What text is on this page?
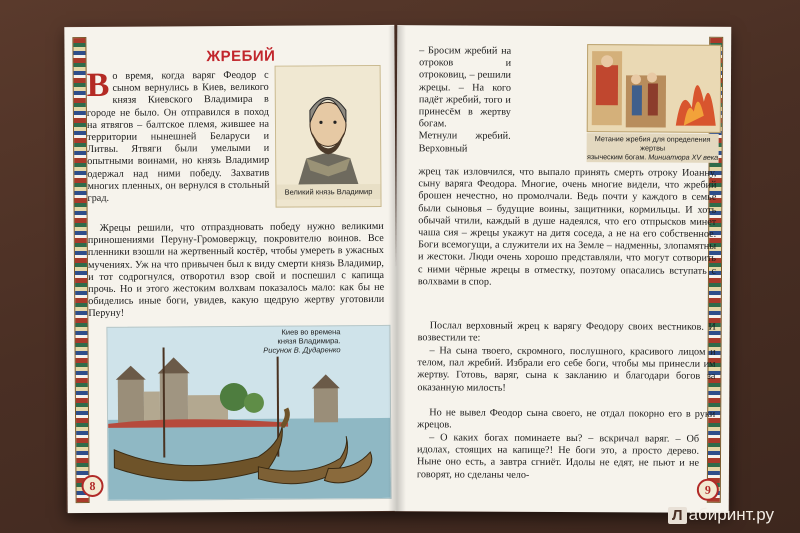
ЖРЕБИЙ
Великий князь Владимир

Во время, когда варяг Феодор с сыном вернулись в Киев, великого князя Киевского Владимира в городе не было. Он отправился в поход на ятвягов – балтское племя, жившее на территории нынешней Беларуси и Литвы. Ятвяги были умелыми и опытными воинами, но князь Владимир одержал над ними победу. Захватив многих пленных, он вернулся в стольный град.

Жрецы решили, что отпраздновать победу нужно великими приношениями Перуну-Громовержцу, покровителю воинов. Все пленники взошли на жертвенный костёр, чтобы умереть в ужасных мучениях. Уж на что привычен был к виду смерти князь Владимир, и тот содрогнулся, отворотил взор свой и поспешил с капища прочь. Но и этого жестоким волхвам показалось мало: как бы не обиделись иные боги, увидев, какую щедрую жертву уготовили Перуну!

Киев во времена
князя Владимира.
Рисунок В. Дударенко
8

– Бросим жребий на отроков и отроковиц, – решили жрецы. – На кого падёт жребий, того и принесём в жертву богам.
Метнули жребий. Верховный

Метание жребия для определения жертвы
языческим богам. Миниатюра XV века

жрец так изловчился, что выпало принять смерть отроку Иоанну, сыну варяга Феодора. Многие, очень многие видели, что жребий брошен нечестно, но промолчали. Ведь почти у каждого в семье были сыновья – будущие воины, защитники, кормильцы. И хоть обычай чтили, каждый в душе надеялся, что его отпрысков минет чаша сия – жрецы укажут на дитя соседа, а не на его собственное. Боги всемогущи, а служители их на Земле – надменны, злопамятны и жестоки. Люди очень хорошо представляли, что могут сотворить с ними чёрные жрецы в отместку, поэтому опасались вступать с волхвами в спор.

Послал верховный жрец к варягу Феодору своих вестников. И возвестили те:

– На сына твоего, скромного, послушного, красивого лицом и телом, пал жребий. Избрали его себе боги, чтобы мы принесли им жертву. Готовь, варяг, сына к закланию и благодари богов за оказанную милость!

Но не вывел Феодор сына своего, не отдал покорно его в руки жрецов.

– О каких богах поминаете вы? – вскричал варяг. – Об идолах, стоящих на капище?! Не боги это, а просто дерево. Ныне оно есть, а завтра сгниёт. Идолы не едят, не пьют и не говорят, но сделаны чело-

9
Л абиринт.ру
